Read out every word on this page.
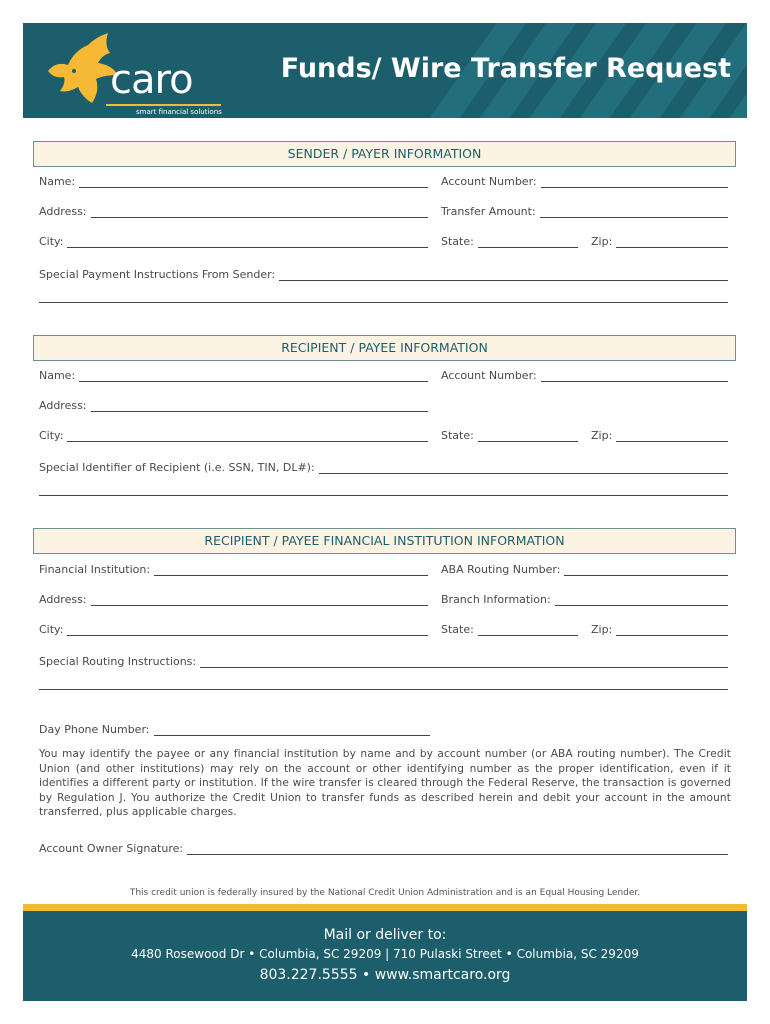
caro
smart financial solutions
Funds/ Wire Transfer Request
SENDER / PAYER INFORMATION
Name:	Account Number:
Address:	Transfer Amount:
City:	State:	Zip:
Special Payment Instructions From Sender:
RECIPIENT / PAYEE INFORMATION
Name:	Account Number:
Address:
City:	State:	Zip:
Special Identifier of Recipient (i.e. SSN, TIN, DL#):
RECIPIENT / PAYEE FINANCIAL INSTITUTION INFORMATION
Financial Institution:	ABA Routing Number:
Address:	Branch Information:
City:	State:	Zip:
Special Routing Instructions:
Day Phone Number:
You may identify the payee or any financial institution by name and by account number (or ABA routing number). The Credit Union (and other institutions) may rely on the account or other identifying number as the proper identification, even if it identifies a different party or institution. If the wire transfer is cleared through the Federal Reserve, the transaction is governed by Regulation J. You authorize the Credit Union to transfer funds as described herein and debit your account in the amount transferred, plus applicable charges.
Account Owner Signature:
This credit union is federally insured by the National Credit Union Administration and is an Equal Housing Lender.
Mail or deliver to:
4480 Rosewood Dr • Columbia, SC 29209 | 710 Pulaski Street • Columbia, SC 29209
803.227.5555 • www.smartcaro.org
